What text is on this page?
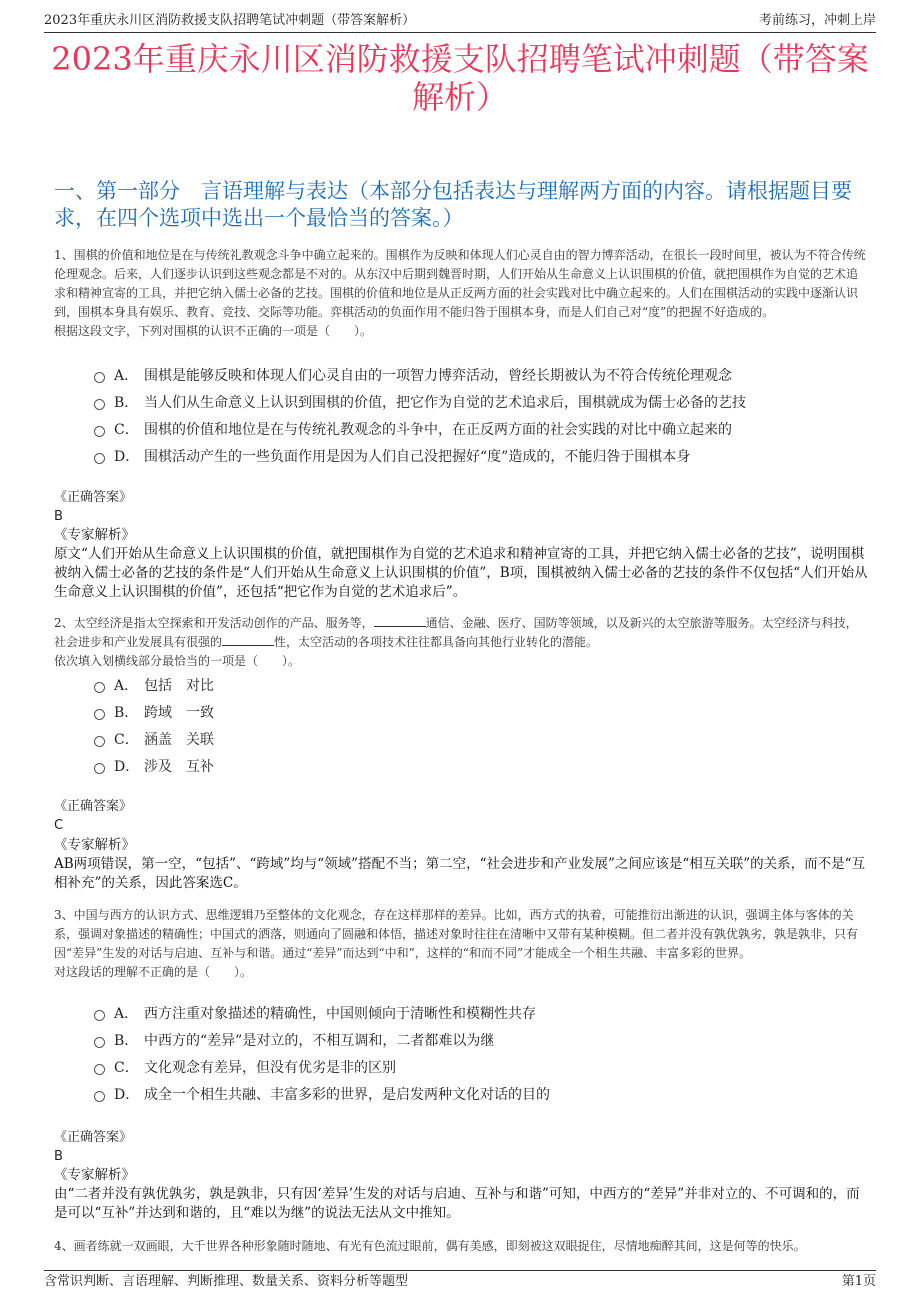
2023年重庆永川区消防救援支队招聘笔试冲刺题（带答案解析）	考前练习，冲刺上岸
2023年重庆永川区消防救援支队招聘笔试冲刺题（带答案解析）
一、第一部分　言语理解与表达（本部分包括表达与理解两方面的内容。请根据题目要求，在四个选项中选出一个最恰当的答案。）

1、围棋的价值和地位是在与传统礼教观念斗争中确立起来的。围棋作为反映和体现人们心灵自由的智力博弈活动，在很长一段时间里，被认为不符合传统伦理观念。后来，人们逐步认识到这些观念都是不对的。从东汉中后期到魏晋时期，人们开始从生命意义上认识围棋的价值，就把围棋作为自觉的艺术追求和精神宣寄的工具，并把它纳入儒士必备的艺技。围棋的价值和地位是从正反两方面的社会实践对比中确立起来的。人们在围棋活动的实践中逐渐认识到，围棋本身具有娱乐、教育、竞技、交际等功能。弈棋活动的负面作用不能归咎于围棋本身，而是人们自己对“度”的把握不好造成的。

根据这段文字，下列对围棋的认识不正确的一项是（　　）。

A． 围棋是能够反映和体现人们心灵自由的一项智力博弈活动，曾经长期被认为不符合传统伦理观念
B． 当人们从生命意义上认识到围棋的价值，把它作为自觉的艺术追求后，围棋就成为儒士必备的艺技
C． 围棋的价值和地位是在与传统礼教观念的斗争中，在正反两方面的社会实践的对比中确立起来的
D． 围棋活动产生的一些负面作用是因为人们自己没把握好“度”造成的，不能归咎于围棋本身
《正确答案》
B
《专家解析》
原文“人们开始从生命意义上认识围棋的价值，就把围棋作为自觉的艺术追求和精神宣寄的工具，并把它纳入儒士必备的艺技”，说明围棋被纳入儒士必备的艺技的条件是“人们开始从生命意义上认识围棋的价值”，B项，围棋被纳入儒士必备的艺技的条件不仅包括“人们开始从生命意义上认识围棋的价值”，还包括“把它作为自觉的艺术追求后”。

2、太空经济是指太空探索和开发活动创作的产品、服务等，	通信、金融、医疗、国防等领域，以及新兴的太空旅游等服务。太空经济与科技，社会进步和产业发展具有很强的	性，太空活动的各项技术往往都具备向其他行业转化的潜能。

依次填入划横线部分最恰当的一项是（　　）。

A． 包括　对比
B． 跨域　一致
C． 涵盖　关联
D． 涉及　互补
《正确答案》
C
《专家解析》
AB两项错误，第一空，“包括”、“跨域”均与“领域”搭配不当；第二空，“社会进步和产业发展”之间应该是“相互关联”的关系，而不是“互相补充”的关系，因此答案选C。

3、中国与西方的认识方式、思维逻辑乃至整体的文化观念，存在这样那样的差异。比如，西方式的执着，可能推衍出渐进的认识，强调主体与客体的关系，强调对象描述的精确性；中国式的洒落，则通向了圆融和体悟，描述对象时往往在清晰中又带有某种模糊。但二者并没有孰优孰劣，孰是孰非，只有因“差异”生发的对话与启迪、互补与和谐。通过“差异”而达到“中和”，这样的“和而不同”才能成全一个相生共融、丰富多彩的世界。

对这段话的理解不正确的是（　　）。

A． 西方注重对象描述的精确性，中国则倾向于清晰性和模糊性共存
B． 中西方的“差异”是对立的，不相互调和，二者都难以为继
C． 文化观念有差异，但没有优劣是非的区别
D． 成全一个相生共融、丰富多彩的世界，是启发两种文化对话的目的
《正确答案》
B
《专家解析》
由“二者并没有孰优孰劣，孰是孰非，只有因‘差异’生发的对话与启迪、互补与和谐”可知，中西方的“差异”并非对立的、不可调和的，而是可以“互补”并达到和谐的，且“难以为继”的说法无法从文中推知。

4、画者练就一双画眼，大千世界各种形象随时随地、有光有色流过眼前，偶有美感，即刻被这双眼捉住，尽情地痴醉其间，这是何等的快乐。

含常识判断、言语理解、判断推理、数量关系、资料分析等题型	第1页
